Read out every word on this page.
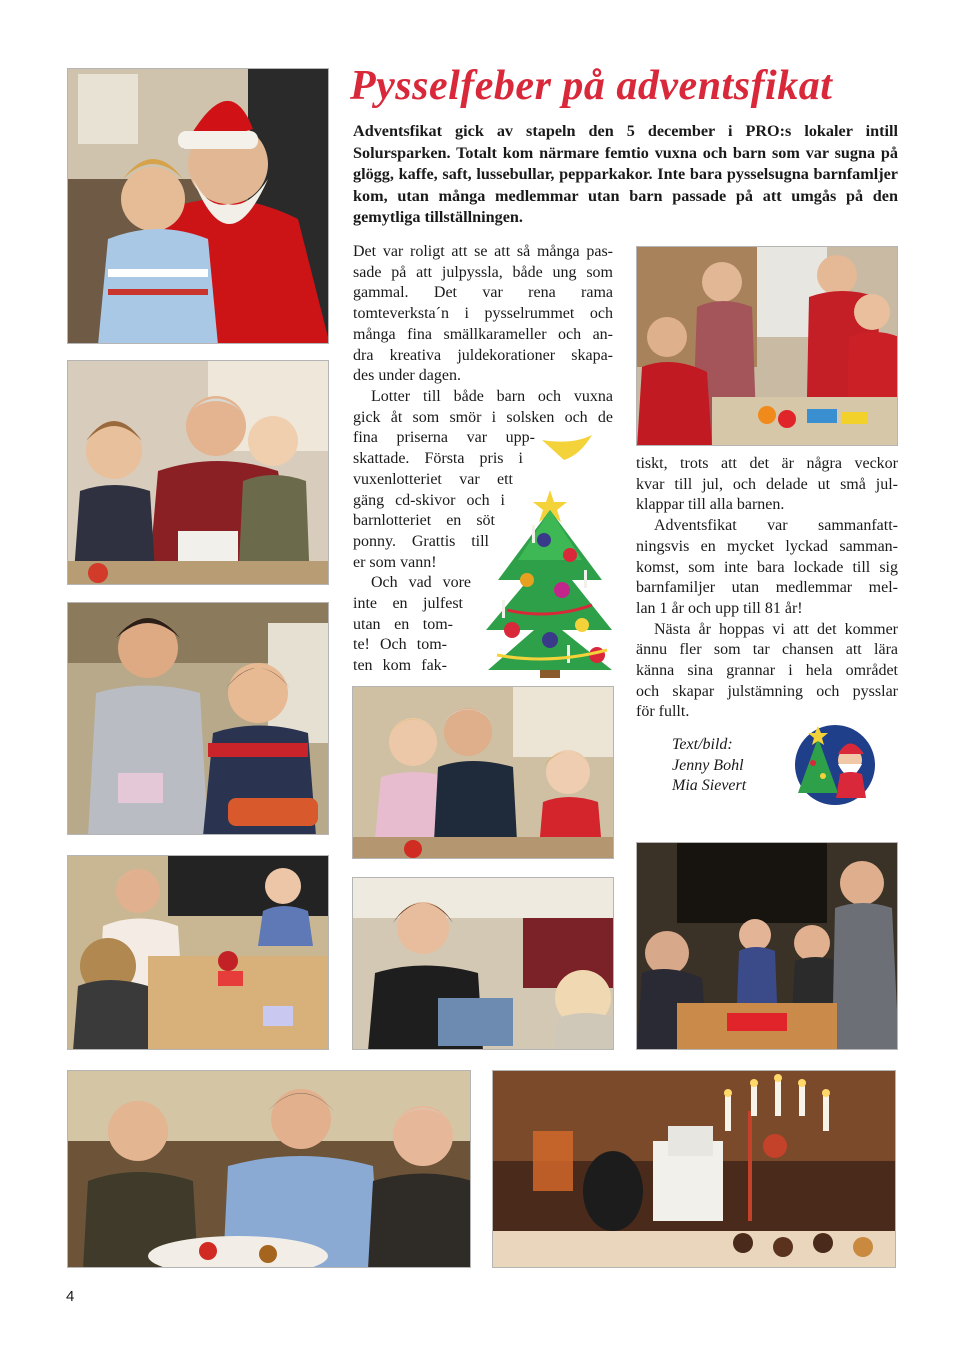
Pysselfeber på adventsfikat

Adventsfikat gick av stapeln den 5 december i PRO:s lokaler intill Solursparken. Totalt kom närmare femtio vuxna och barn som var sugna på glögg, kaffe, saft, lussebullar, pepparkakor. Inte bara pysselsugna barnfamljer kom, utan många medlemmar utan barn passade på att umgås på den gemytliga tillställningen.

Det var roligt att se att så många pas-
sade på att julpyssla, både ung som
gammal. Det var rena rama
tomteverksta´n i pysselrummet och
många fina smällkarameller och an-
dra kreativa juldekorationer skapa-
des under dagen.

Lotter till både barn och vuxna
gick åt som smör i solsken och de
fina priserna var upp-
skattade. Första pris i
vuxenlotteriet var ett
gäng cd-skivor och i
barnlotteriet en söt
ponny. Grattis till
er som vann!

Och vad vore
inte en julfest
utan en tom-
te! Och tom-
ten kom fak-

tiskt, trots att det är några veckor
kvar till jul, och delade ut små jul-
klappar till alla barnen.

Adventsfikat var sammanfatt-
ningsvis en mycket lyckad samman-
komst, som inte bara lockade till sig
barnfamiljer utan medlemmar mel-
lan 1 år och upp till 81 år!

Nästa år hoppas vi att det kommer
ännu fler som tar chansen att lära
känna sina grannar i hela området
och skapar julstämning och pysslar
för fullt.

Text/bild:
Jenny Bohl
Mia Sievert
4
